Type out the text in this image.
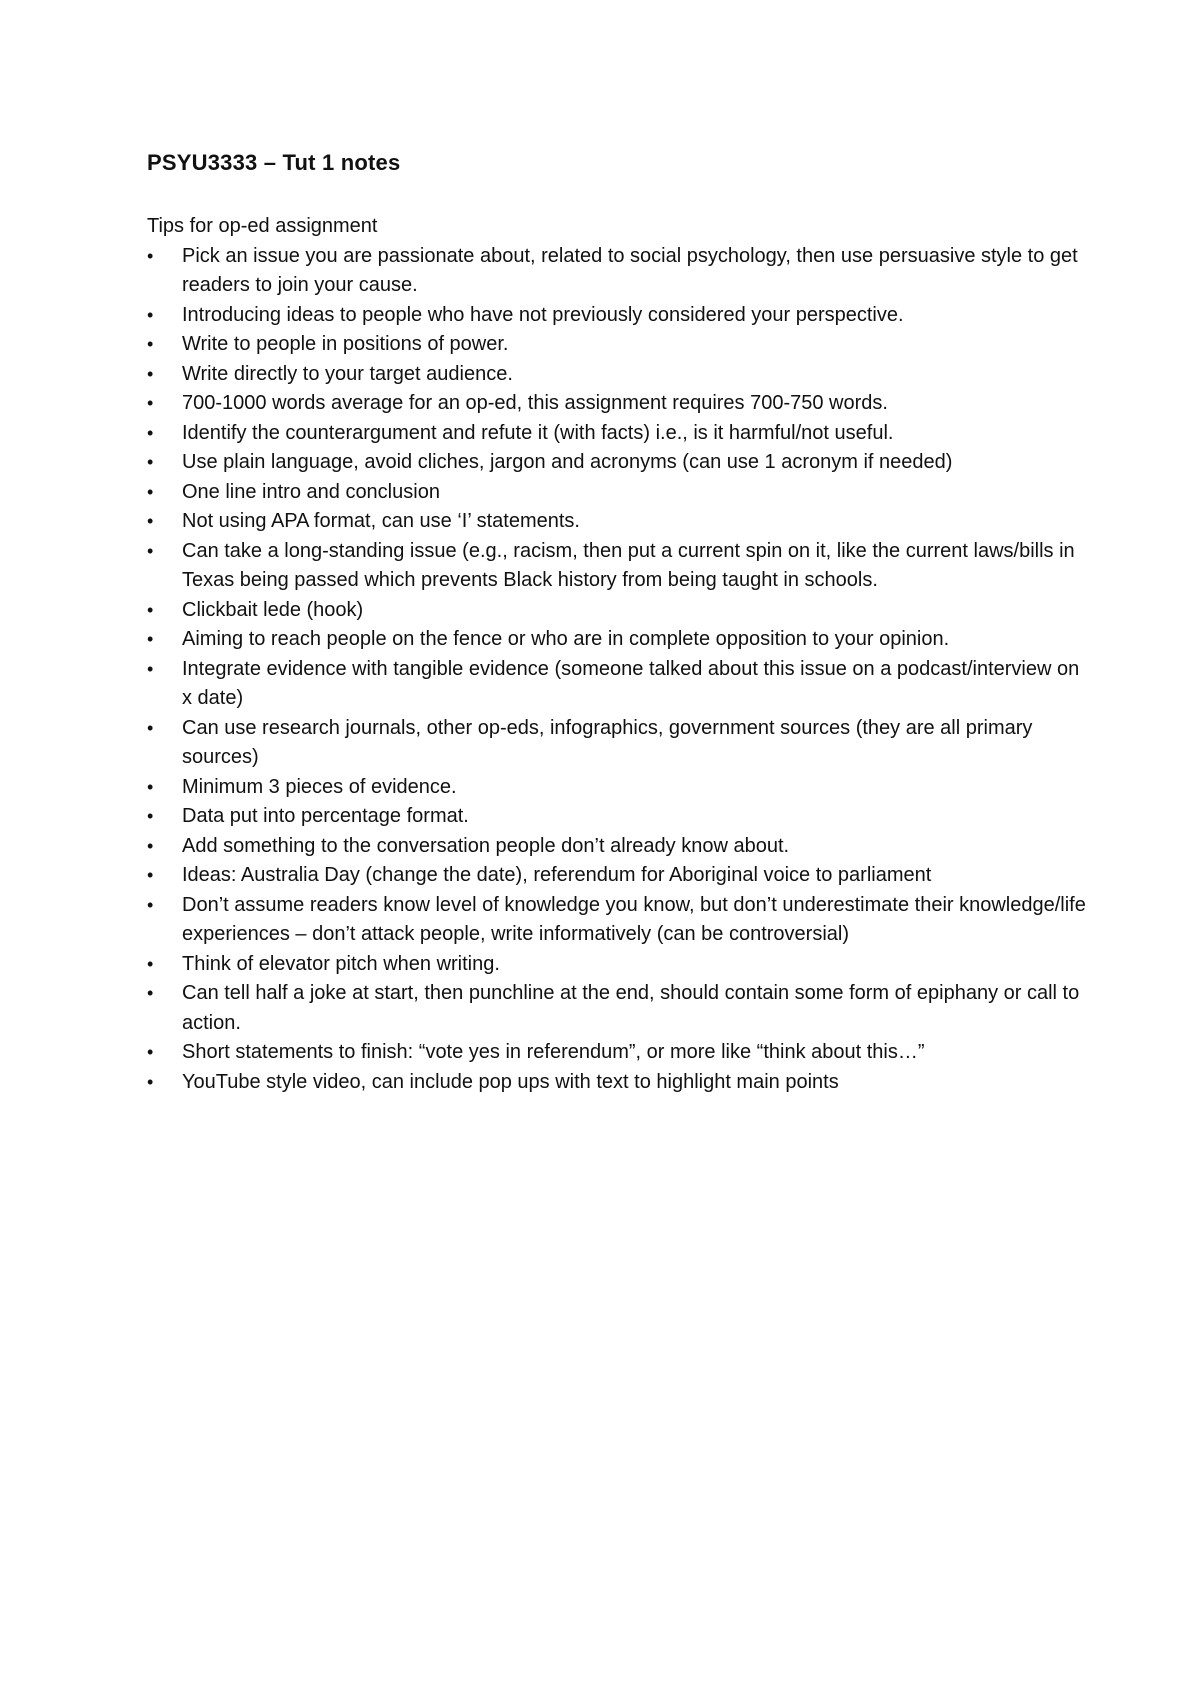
PSYU3333 – Tut 1 notes
Tips for op-ed assignment
•	Pick an issue you are passionate about, related to social psychology, then use persuasive style to get readers to join your cause.
•	Introducing ideas to people who have not previously considered your perspective.
•	Write to people in positions of power.
•	Write directly to your target audience.
•	700-1000 words average for an op-ed, this assignment requires 700-750 words.
•	Identify the counterargument and refute it (with facts) i.e., is it harmful/not useful.
•	Use plain language, avoid cliches, jargon and acronyms (can use 1 acronym if needed)
•	One line intro and conclusion
•	Not using APA format, can use ‘I’ statements.
•	Can take a long-standing issue (e.g., racism, then put a current spin on it, like the current laws/bills in Texas being passed which prevents Black history from being taught in schools.
•	Clickbait lede (hook)
•	Aiming to reach people on the fence or who are in complete opposition to your opinion.
•	Integrate evidence with tangible evidence (someone talked about this issue on a podcast/interview on x date)
•	Can use research journals, other op-eds, infographics, government sources (they are all primary sources)
•	Minimum 3 pieces of evidence.
•	Data put into percentage format.
•	Add something to the conversation people don’t already know about.
•	Ideas: Australia Day (change the date), referendum for Aboriginal voice to parliament
•	Don’t assume readers know level of knowledge you know, but don’t underestimate their knowledge/life experiences – don’t attack people, write informatively (can be controversial)
•	Think of elevator pitch when writing.
•	Can tell half a joke at start, then punchline at the end, should contain some form of epiphany or call to action.
•	Short statements to finish: “vote yes in referendum”, or more like “think about this…”
•	YouTube style video, can include pop ups with text to highlight main points
